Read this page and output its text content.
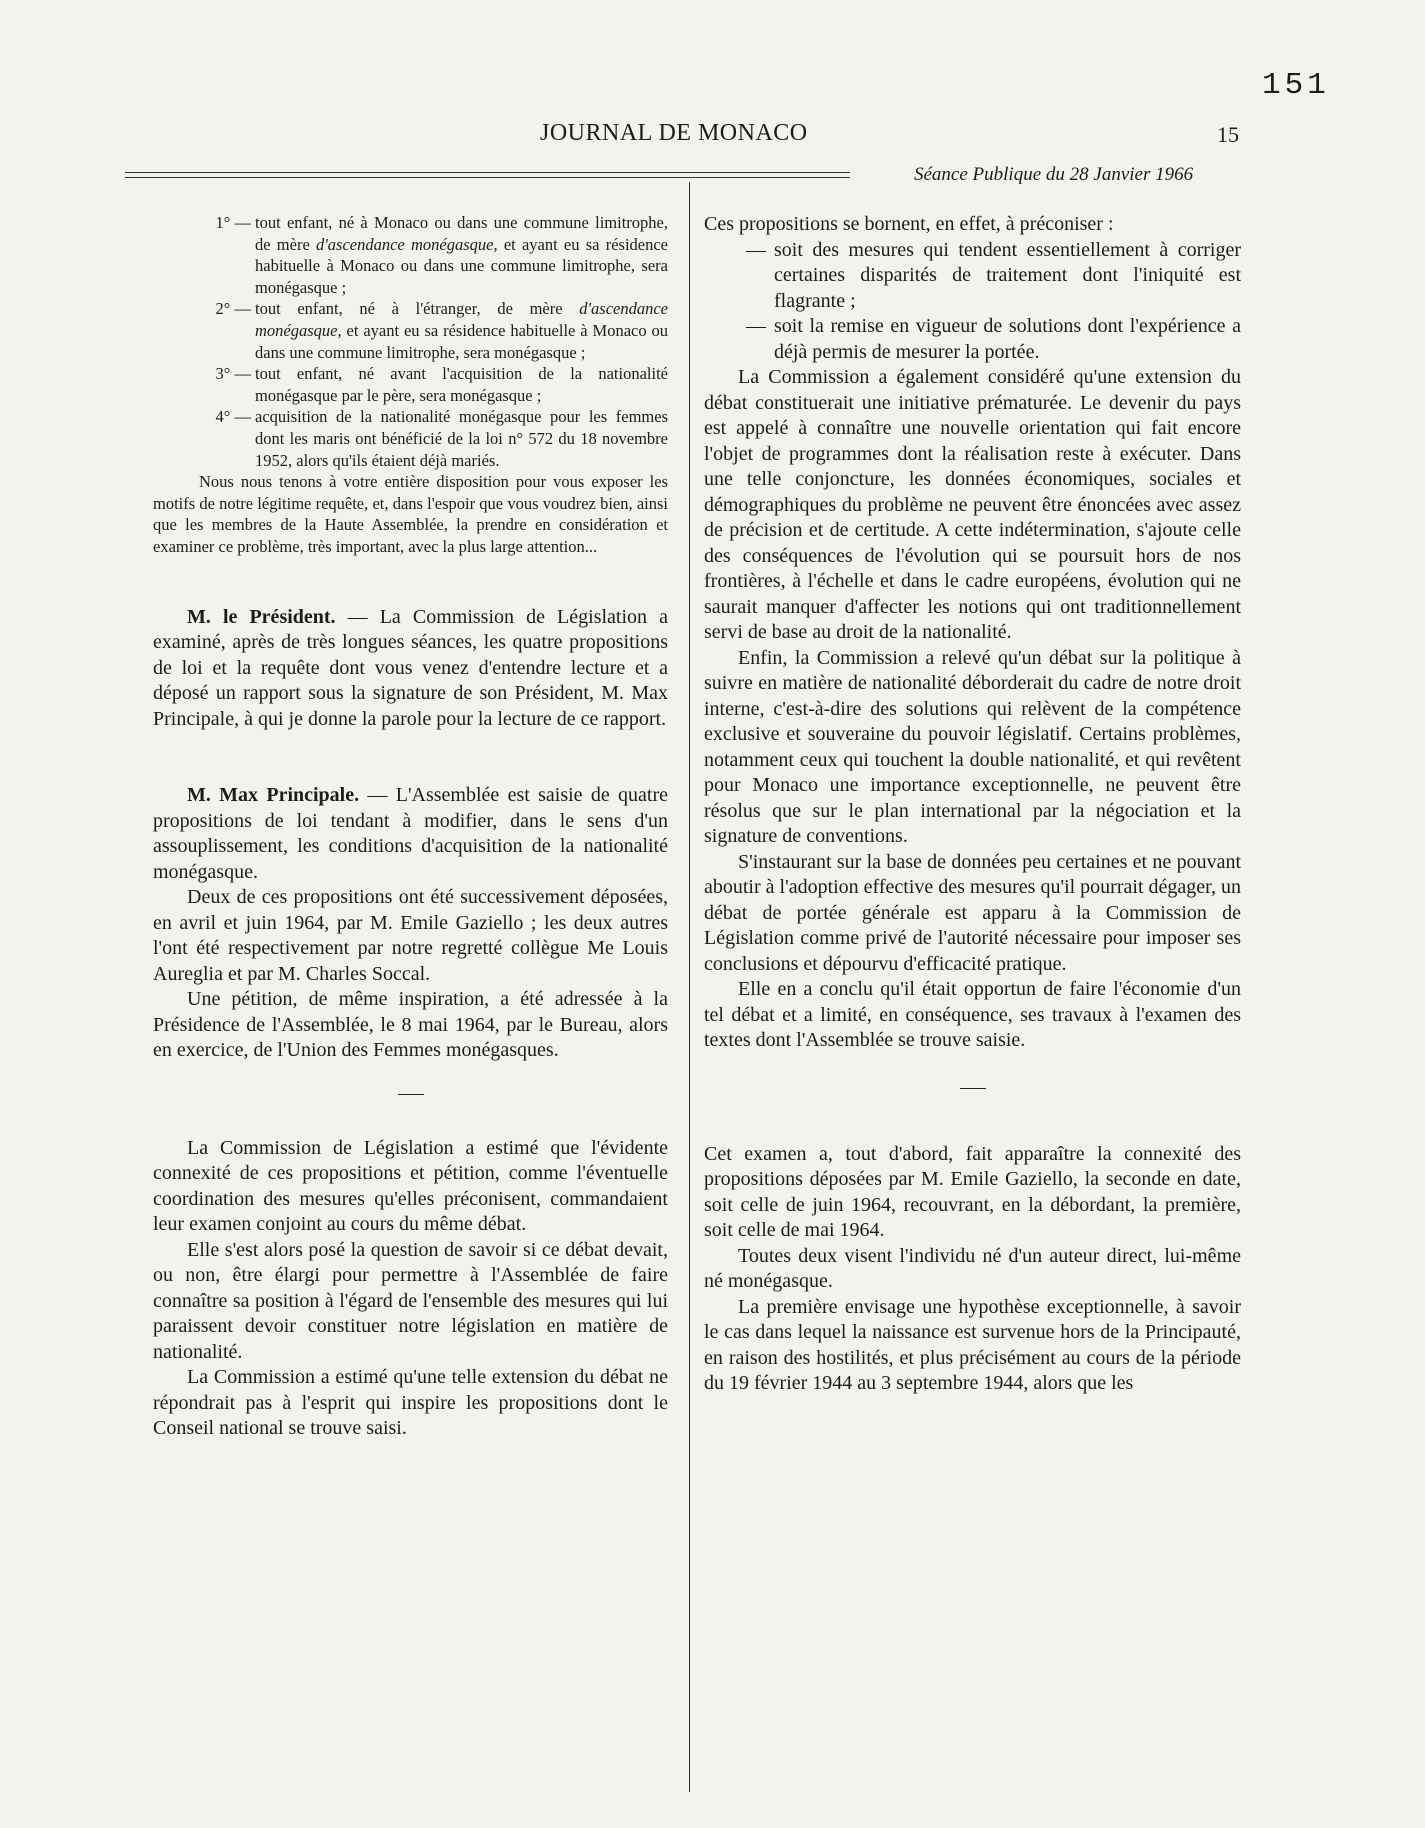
151
JOURNAL DE MONACO	15
Séance Publique du 28 Janvier 1966
1° — tout enfant, né à Monaco ou dans une commune limitrophe, de mère d'ascendance monégasque, et ayant eu sa résidence habituelle à Monaco ou dans une commune limitrophe, sera monégasque ;
2° — tout enfant, né à l'étranger, de mère d'ascendance monégasque, et ayant eu sa résidence habituelle à Monaco ou dans une commune limitrophe, sera monégasque ;
3° — tout enfant, né avant l'acquisition de la nationalité monégasque par le père, sera monégasque ;
4° — acquisition de la nationalité monégasque pour les femmes dont les maris ont bénéficié de la loi n° 572 du 18 novembre 1952, alors qu'ils étaient déjà mariés.

Nous nous tenons à votre entière disposition pour vous exposer les motifs de notre légitime requête, et, dans l'espoir que vous voudrez bien, ainsi que les membres de la Haute Assemblée, la prendre en considération et examiner ce problème, très important, avec la plus large attention...

M. le Président. — La Commission de Législation a examiné, après de très longues séances, les quatre propositions de loi et la requête dont vous venez d'entendre lecture et a déposé un rapport sous la signature de son Président, M. Max Principale, à qui je donne la parole pour la lecture de ce rapport.

M. Max Principale. — L'Assemblée est saisie de quatre propositions de loi tendant à modifier, dans le sens d'un assouplissement, les conditions d'acquisition de la nationalité monégasque.

Deux de ces propositions ont été successivement déposées, en avril et juin 1964, par M. Emile Gaziello ; les deux autres l'ont été respectivement par notre regretté collègue Me Louis Aureglia et par M. Charles Soccal.

Une pétition, de même inspiration, a été adressée à la Présidence de l'Assemblée, le 8 mai 1964, par le Bureau, alors en exercice, de l'Union des Femmes monégasques.

La Commission de Législation a estimé que l'évidente connexité de ces propositions et pétition, comme l'éventuelle coordination des mesures qu'elles préconisent, commandaient leur examen conjoint au cours du même débat.

Elle s'est alors posé la question de savoir si ce débat devait, ou non, être élargi pour permettre à l'Assemblée de faire connaître sa position à l'égard de l'ensemble des mesures qui lui paraissent devoir constituer notre législation en matière de nationalité.

La Commission a estimé qu'une telle extension du débat ne répondrait pas à l'esprit qui inspire les propositions dont le Conseil national se trouve saisi.

Ces propositions se bornent, en effet, à préconiser :

— soit des mesures qui tendent essentiellement à corriger certaines disparités de traitement dont l'iniquité est flagrante ;
— soit la remise en vigueur de solutions dont l'expérience a déjà permis de mesurer la portée.

La Commission a également considéré qu'une extension du débat constituerait une initiative prématurée. Le devenir du pays est appelé à connaître une nouvelle orientation qui fait encore l'objet de programmes dont la réalisation reste à exécuter. Dans une telle conjoncture, les données économiques, sociales et démographiques du problème ne peuvent être énoncées avec assez de précision et de certitude. A cette indétermination, s'ajoute celle des conséquences de l'évolution qui se poursuit hors de nos frontières, à l'échelle et dans le cadre européens, évolution qui ne saurait manquer d'affecter les notions qui ont traditionnellement servi de base au droit de la nationalité.

Enfin, la Commission a relevé qu'un débat sur la politique à suivre en matière de nationalité déborderait du cadre de notre droit interne, c'est-à-dire des solutions qui relèvent de la compétence exclusive et souveraine du pouvoir législatif. Certains problèmes, notamment ceux qui touchent la double nationalité, et qui revêtent pour Monaco une importance exceptionnelle, ne peuvent être résolus que sur le plan international par la négociation et la signature de conventions.

S'instaurant sur la base de données peu certaines et ne pouvant aboutir à l'adoption effective des mesures qu'il pourrait dégager, un débat de portée générale est apparu à la Commission de Législation comme privé de l'autorité nécessaire pour imposer ses conclusions et dépourvu d'efficacité pratique.

Elle en a conclu qu'il était opportun de faire l'économie d'un tel débat et a limité, en conséquence, ses travaux à l'examen des textes dont l'Assemblée se trouve saisie.

Cet examen a, tout d'abord, fait apparaître la connexité des propositions déposées par M. Emile Gaziello, la seconde en date, soit celle de juin 1964, recouvrant, en la débordant, la première, soit celle de mai 1964.

Toutes deux visent l'individu né d'un auteur direct, lui-même né monégasque.

La première envisage une hypothèse exceptionnelle, à savoir le cas dans lequel la naissance est survenue hors de la Principauté, en raison des hostilités, et plus précisément au cours de la période du 19 février 1944 au 3 septembre 1944, alors que les
